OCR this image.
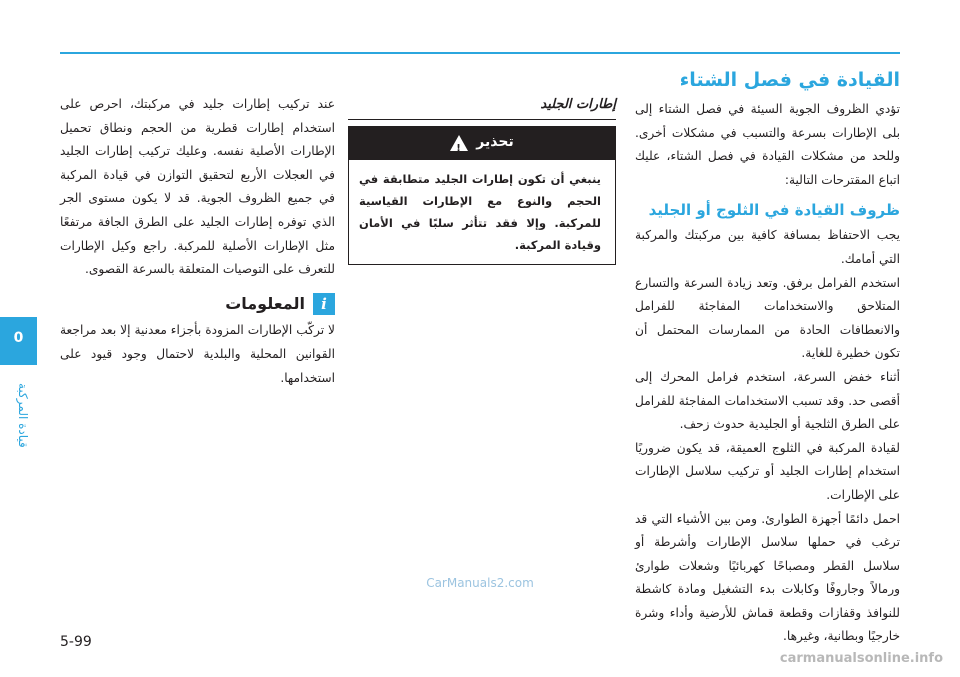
0
قيادة المركبة
القيادة في فصل الشتاء

تؤدي الظروف الجوية السيئة في فصل الشتاء إلى بلى الإطارات بسرعة والتسبب في مشكلات أخرى. وللحد من مشكلات القيادة في فصل الشتاء، عليك اتباع المقترحات التالية:

ظروف القيادة في الثلوج أو الجليد

يجب الاحتفاظ بمسافة كافية بين مركبتك والمركبة التي أمامك.

استخدم الفرامل برفق. وتعد زيادة السرعة والتسارع المتلاحق والاستخدامات المفاجئة للفرامل والانعطافات الحادة من الممارسات المحتمل أن تكون خطيرة للغاية.

أثناء خفض السرعة، استخدم فرامل المحرك إلى أقصى حد. وقد تسبب الاستخدامات المفاجئة للفرامل على الطرق الثلجية أو الجليدية حدوث زحف.

لقيادة المركبة في الثلوج العميقة، قد يكون ضروريًا استخدام إطارات الجليد أو تركيب سلاسل الإطارات على الإطارات.

احمل دائمًا أجهزة الطوارئ. ومن بين الأشياء التي قد ترغب في حملها سلاسل الإطارات وأشرطة أو سلاسل القطر ومصباحًا كهربائيًا وشعلات طوارئ ورمالاً وجاروفًا وكابلات بدء التشغيل ومادة كاشطة للنوافذ وقفازات وقطعة قماش للأرضية وأداء وشرة خارجيًا وبطانية، وغيرها.

إطارات الجليد
تحذير
!
ينبغي أن تكون إطارات الجليد متطابقة في الحجم والنوع مع الإطارات القياسية للمركبة. وإلا فقد تتأثر سلبًا في الأمان وقيادة المركبة.

عند تركيب إطارات جليد في مركبتك، احرص على استخدام إطارات قطرية من الحجم ونطاق تحميل الإطارات الأصلية نفسه. وعليك تركيب إطارات الجليد في العجلات الأربع لتحقيق التوازن في قيادة المركبة في جميع الظروف الجوية. قد لا يكون مستوى الجر الذي توفره إطارات الجليد على الطرق الجافة مرتفعًا مثل الإطارات الأصلية للمركبة. راجع وكيل الإطارات للتعرف على التوصيات المتعلقة بالسرعة القصوى.

i
المعلومات

لا تركّب الإطارات المزودة بأجزاء معدنية إلا بعد مراجعة القوانين المحلية والبلدية لاحتمال وجود قيود على استخدامها.

CarManuals2.com
5-99
carmanualsonline.info
